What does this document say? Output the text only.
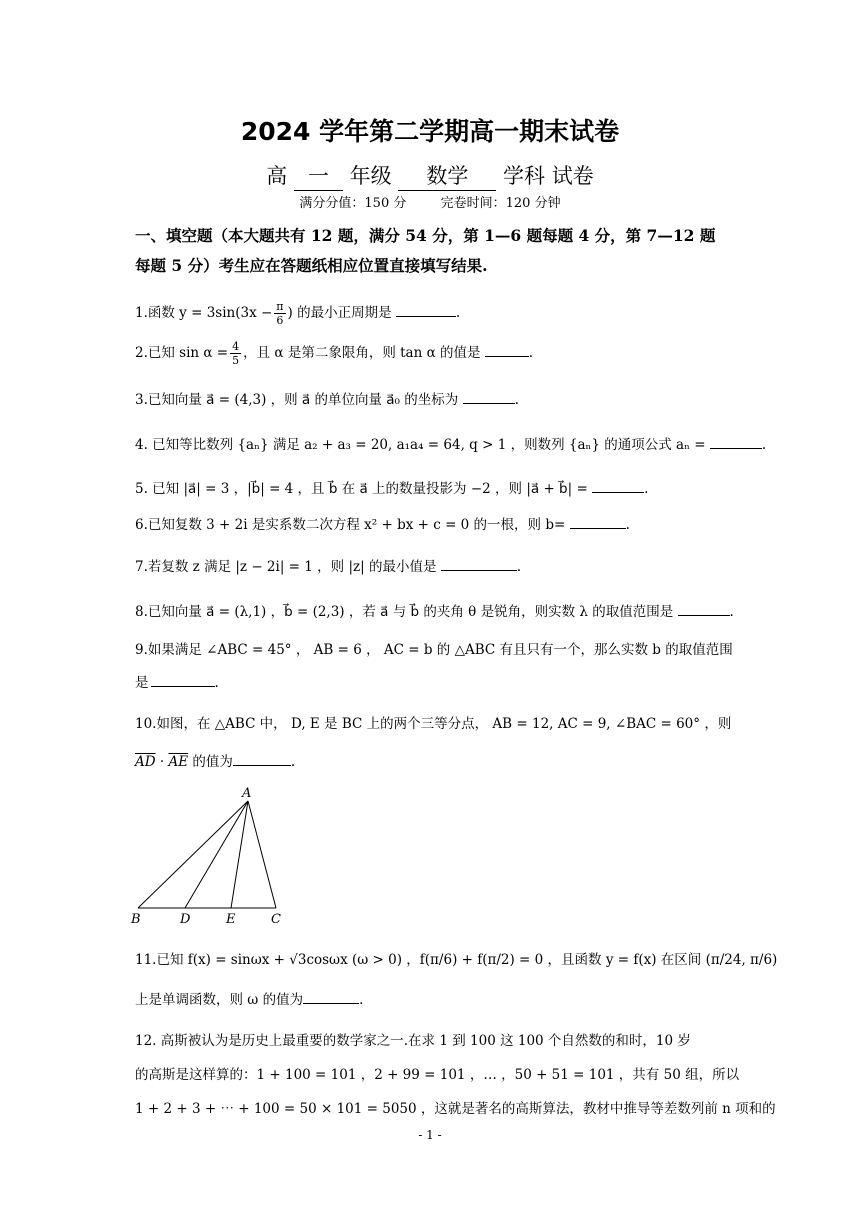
2024 学年第二学期高一期末试卷
高 一 年级 数学 学科 试卷
满分分值：150 分	完卷时间：120 分钟
一、填空题（本大题共有 12 题，满分 54 分，第 1—6 题每题 4 分，第 7—12 题
每题 5 分）考生应在答题纸相应位置直接填写结果.
1.函数 $y = 3\sin(3x - \frac{\pi}{6}$ ) 的最小正周期是	.
2.已知 $\sin \alpha = \frac{4}{5}$ ，且 α 是第二象限角，则 tan α 的值是	.
3.已知向量 a⃗ = (4,3) ，则 a⃗ 的单位向量 a⃗₀ 的坐标为	.
4. 已知等比数列 {aₙ} 满足 a₂ + a₃ = 20, a₁a₄ = 64, q > 1 ，则数列 {aₙ} 的通项公式 aₙ =	.
5. 已知 |a⃗| = 3 ，|b⃗| = 4 ，且 b⃗ 在 a⃗ 上的数量投影为 −2 ，则 |a⃗ + b⃗| =	.
6.已知复数 3 + 2i 是实系数二次方程 x² + bx + c = 0 的一根，则 b=	.
7.若复数 z 满足 |z − 2i| = 1 ，则 |z| 的最小值是	.
8.已知向量 a⃗ = (λ,1) ，b⃗ = (2,3) ，若 a⃗ 与 b⃗ 的夹角 θ 是锐角，则实数 λ 的取值范围是	.
9.如果满足 ∠ABC = 45° ， AB = 6 ， AC = b 的 △ABC 有且只有一个，那么实数 b 的取值范围
是	.
10.如图，在 △ABC 中， D, E 是 BC 上的两个三等分点， AB = 12, AC = 9, ∠BAC = 60° ，则
$\overline{AD} \cdot \overline{AE}$ 的值为	.
A
B	D	E	C
11.已知 f(x) = sinωx + √3cosωx (ω > 0) ，f(π/6) + f(π/2) = 0 ，且函数 y = f(x) 在区间 (π/24, π/6)
上是单调函数，则 ω 的值为	.
12. 高斯被认为是历史上最重要的数学家之一.在求 1 到 100 这 100 个自然数的和时，10 岁
的高斯是这样算的：1 + 100 = 101 ，2 + 99 = 101 ，… ，50 + 51 = 101 ，共有 50 组，所以
1 + 2 + 3 + ⋯ + 100 = 50 × 101 = 5050 ，这就是著名的高斯算法，教材中推导等差数列前 n 项和的
- 1 -
